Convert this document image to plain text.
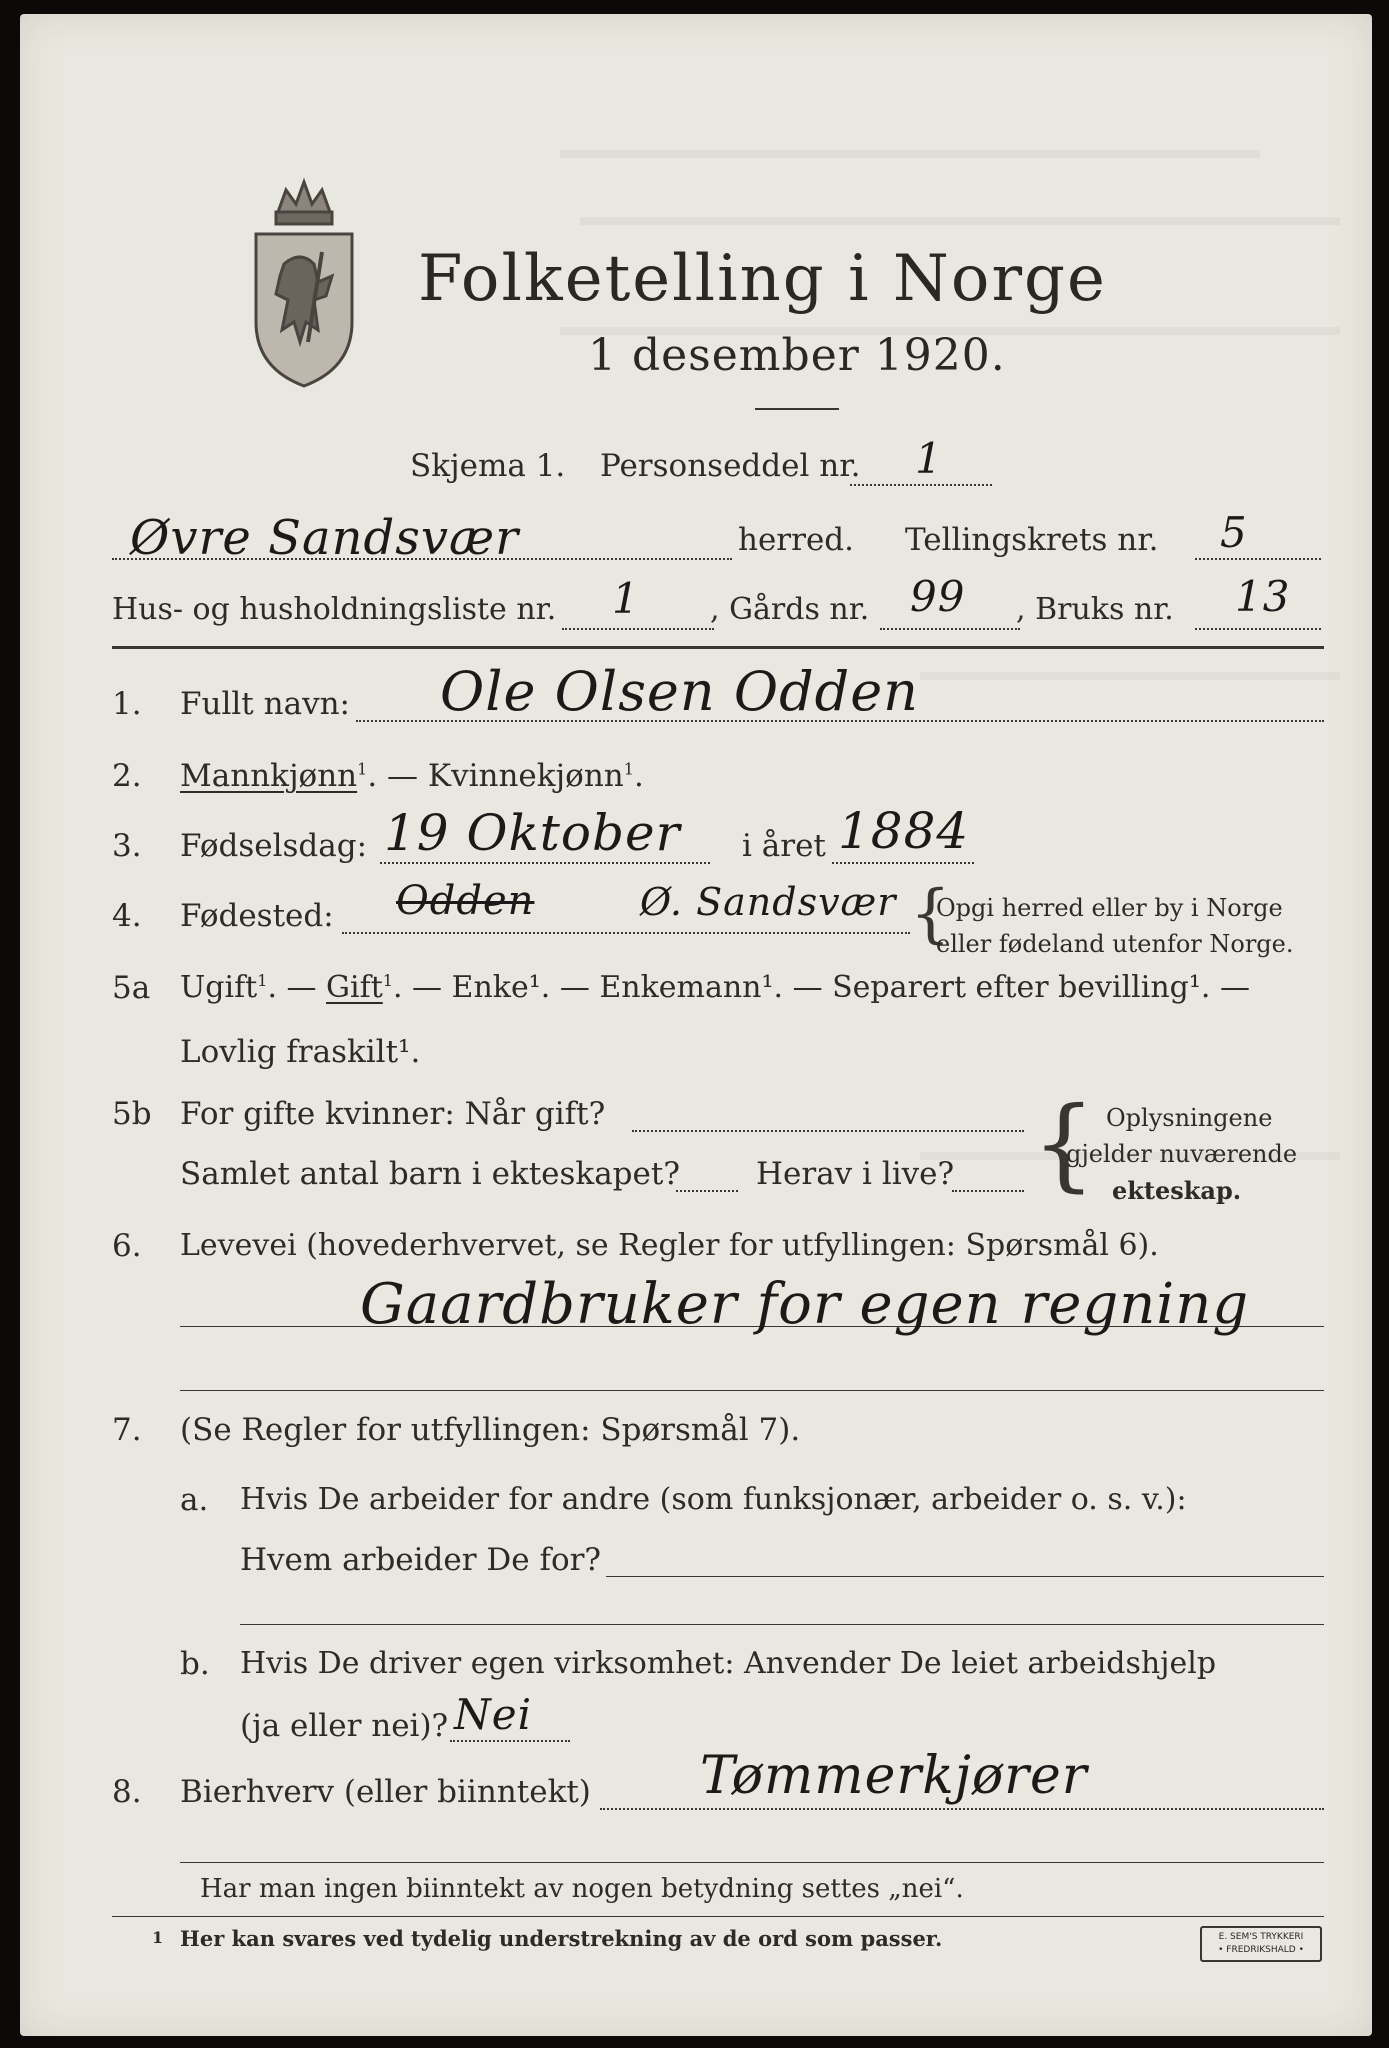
Folketelling i Norge
1 desember 1920.
Skjema 1. Personseddel nr. 1
Øvre Sandsvær	herred. Tellingskrets nr. 5
Hus- og husholdningsliste nr. 1 , Gårds nr. 99 , Bruks nr. 13
1. Fullt navn: Ole Olsen Odden
2. Mannkjønn$^1$. — Kvinnekjønn$^1$.
3. Fødselsdag: 19 Oktober i året 1884
4. Fødested: Odden	Ø. Sandsvær {
Opgi herred eller by i Norge
eller fødeland utenfor Norge.
5a Ugift$^1$. — Gift$^1$. — Enke¹. — Enkemann¹. — Separert efter bevilling¹. —
Lovlig fraskilt¹.
5b For gifte kvinner: Når gift?
Samlet antal barn i ekteskapet? Herav i live? { Oplysningene
gjelder nuværende
ekteskap.
6. Levevei (hovederhvervet, se Regler for utfyllingen: Spørsmål 6).
Gaardbruker for egen regning
7. (Se Regler for utfyllingen: Spørsmål 7).
a. Hvis De arbeider for andre (som funksjonær, arbeider o. s. v.):
Hvem arbeider De for?
b. Hvis De driver egen virksomhet: Anvender De leiet arbeidshjelp
(ja eller nei)? Nei
8. Bierhverv (eller biinntekt) Tømmerkjører
Har man ingen biinntekt av nogen betydning settes „nei“.
1 Her kan svares ved tydelig understrekning av de ord som passer.	E. SEM'S TRYKKERI
• FREDRIKSHALD •
